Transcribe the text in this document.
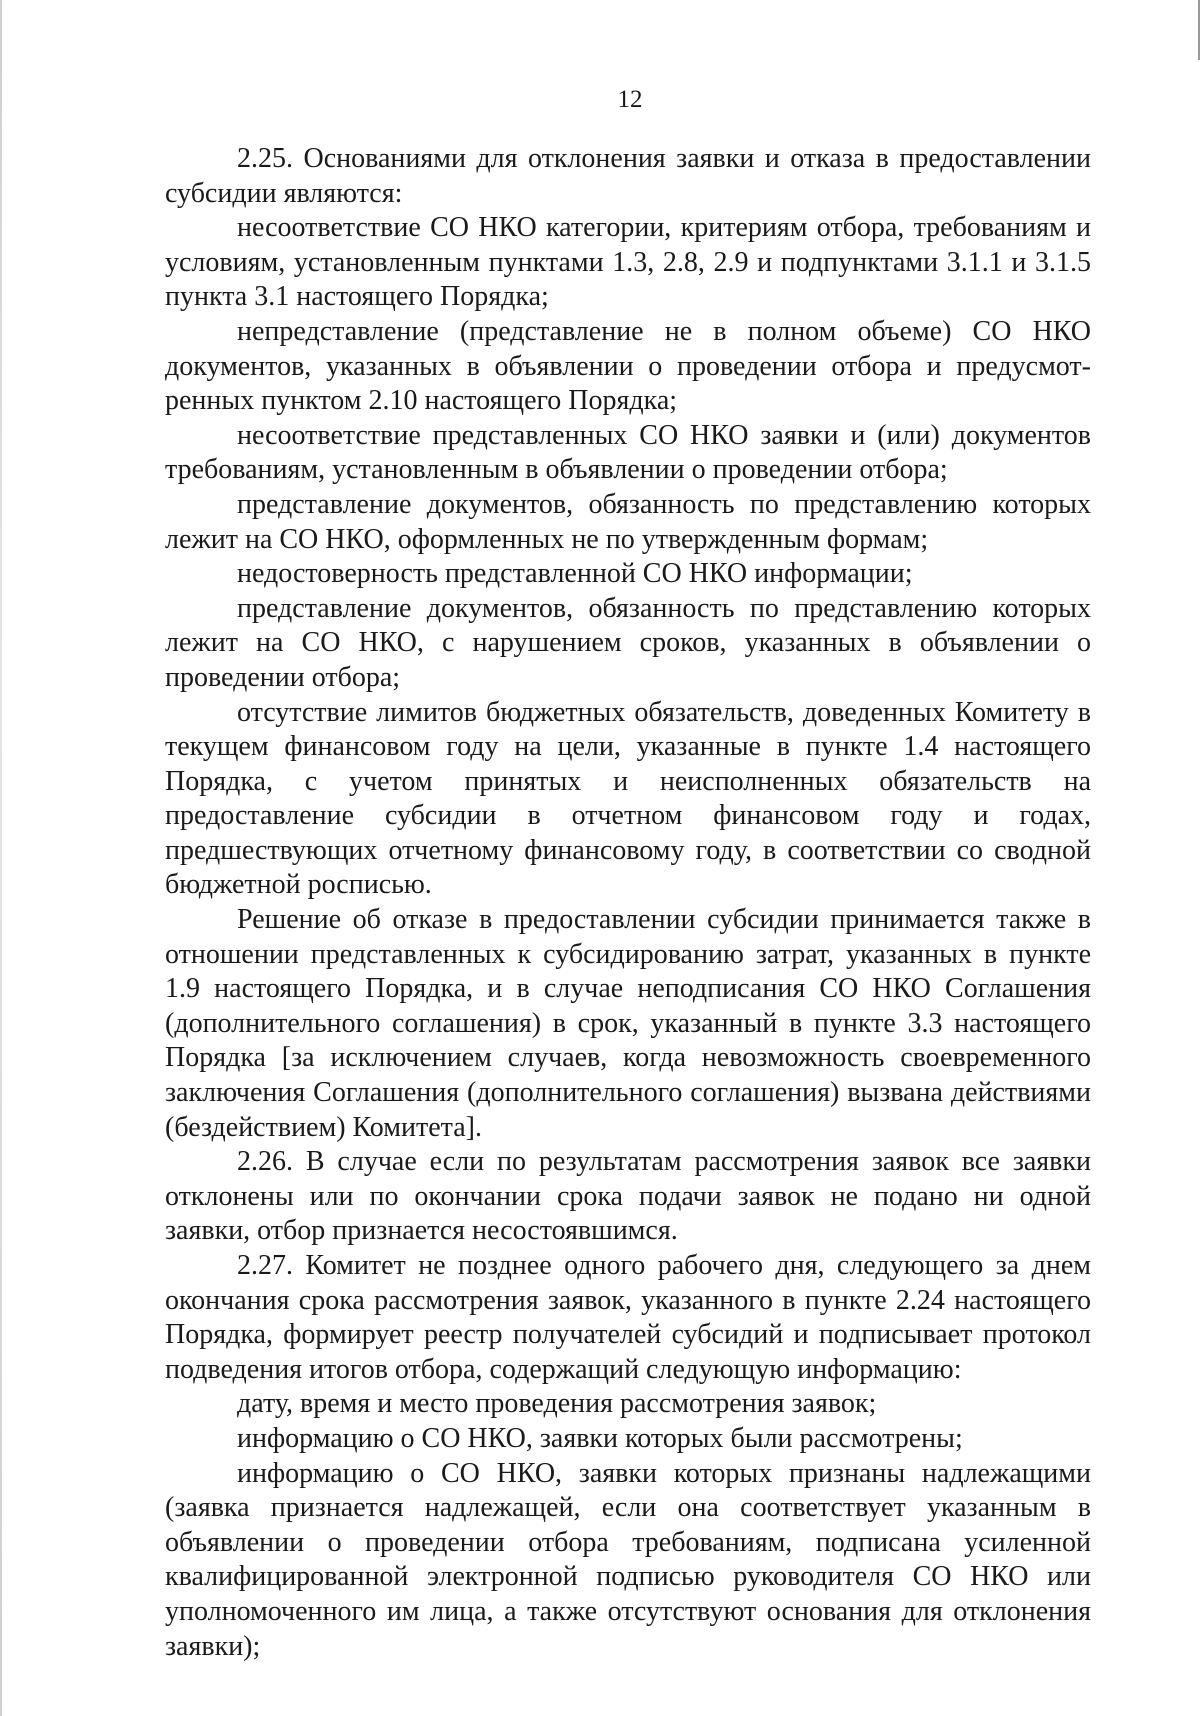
12

2.25. Основаниями для отклонения заявки и отказа в предоставлении субсидии являются:

несоответствие СО НКО категории, критериям отбора, требованиям и условиям, установленным пунктами 1.3, 2.8, 2.9 и подпунктами 3.1.1 и 3.1.5 пункта 3.1 настоящего Порядка;

непредставление (представление не в полном объеме) СО НКО документов, указанных в объявлении о проведении отбора и предусмотренных пунктом 2.10 настоящего Порядка;

несоответствие представленных СО НКО заявки и (или) документов требованиям, установленным в объявлении о проведении отбора;

представление документов, обязанность по представлению которых лежит на СО НКО, оформленных не по утвержденным формам;

недостоверность представленной СО НКО информации;

представление документов, обязанность по представлению которых лежит на СО НКО, с нарушением сроков, указанных в объявлении о проведении отбора;

отсутствие лимитов бюджетных обязательств, доведенных Комитету в текущем финансовом году на цели, указанные в пункте 1.4 настоящего Порядка, с учетом принятых и неисполненных обязательств на предоставление субсидии в отчетном финансовом году и годах, предшествующих отчетному финансовому году, в соответствии со сводной бюджетной росписью.

Решение об отказе в предоставлении субсидии принимается также в отношении представленных к субсидированию затрат, указанных в пункте 1.9 настоящего Порядка, и в случае неподписания СО НКО Соглашения (дополнительного соглашения) в срок, указанный в пункте 3.3 настоящего Порядка [за исключением случаев, когда невозможность своевременного заключения Соглашения (дополнительного соглашения) вызвана действиями (бездействием) Комитета].

2.26. В случае если по результатам рассмотрения заявок все заявки отклонены или по окончании срока подачи заявок не подано ни одной заявки, отбор признается несостоявшимся.

2.27. Комитет не позднее одного рабочего дня, следующего за днем окончания срока рассмотрения заявок, указанного в пункте 2.24 настоящего Порядка, формирует реестр получателей субсидий и подписывает протокол подведения итогов отбора, содержащий следующую информацию:

дату, время и место проведения рассмотрения заявок;

информацию о СО НКО, заявки которых были рассмотрены;

информацию о СО НКО, заявки которых признаны надлежащими (заявка признается надлежащей, если она соответствует указанным в объявлении о проведении отбора требованиям, подписана усиленной квалифицированной электронной подписью руководителя СО НКО или уполномоченного им лица, а также отсутствуют основания для отклонения заявки);
